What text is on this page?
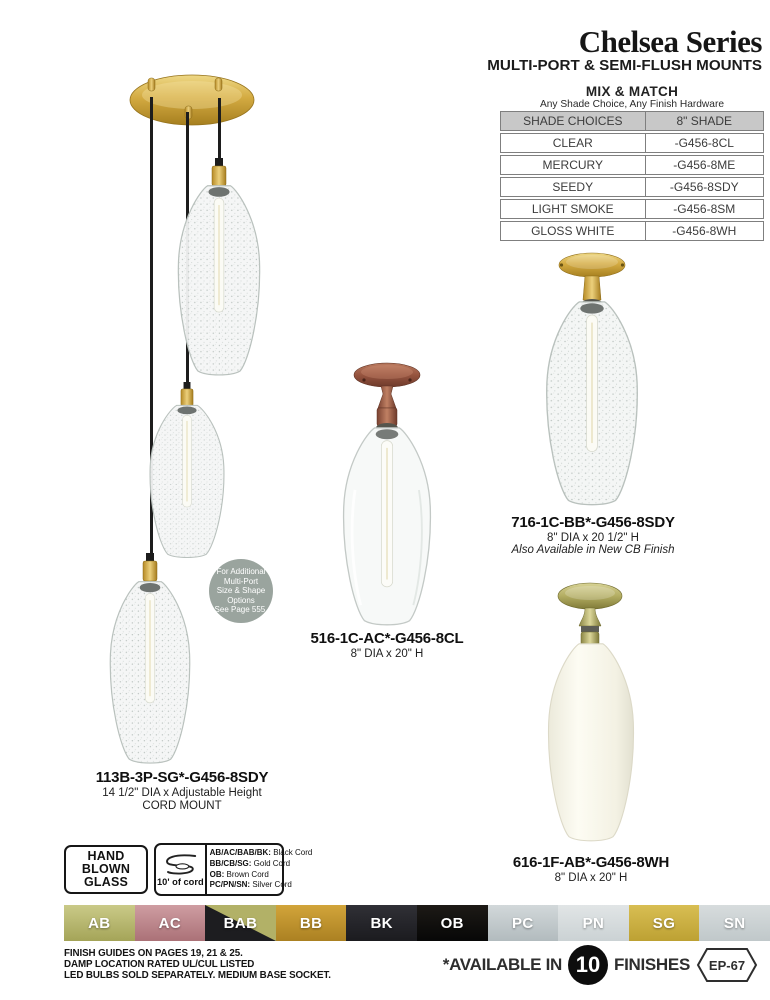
Chelsea Series
MULTI-PORT & SEMI-FLUSH MOUNTS
MIX & MATCH
Any Shade Choice, Any Finish Hardware
SHADE CHOICES	8" SHADE
CLEAR	-G456-8CL
MERCURY	-G456-8ME
SEEDY	-G456-8SDY
LIGHT SMOKE	-G456-8SM
GLOSS WHITE	-G456-8WH
For Additional
Multi-Port
Size & Shape
Options
See Page 555.
113B-3P-SG*-G456-8SDY
14 1/2" DIA x Adjustable Height
CORD MOUNT
716-1C-BB*-G456-8SDY
8" DIA x 20 1/2" H
Also Available in New CB Finish
516-1C-AC*-G456-8CL
8" DIA x 20" H
616-1F-AB*-G456-8WH
8" DIA x 20" H
HAND
BLOWN
GLASS	10' of cord
AB/AC/BAB/BK: Black Cord
BB/CB/SG: Gold Cord
OB: Brown Cord
PC/PN/SN: Silver Cord
AB	AC	BAB	BB	BK	OB	PC	PN	SG	SN
FINISH GUIDES ON PAGES 19, 21 & 25.
DAMP LOCATION RATED UL/CUL LISTED
LED BULBS SOLD SEPARATELY. MEDIUM BASE SOCKET.
*AVAILABLE IN 10 FINISHES EP-67
